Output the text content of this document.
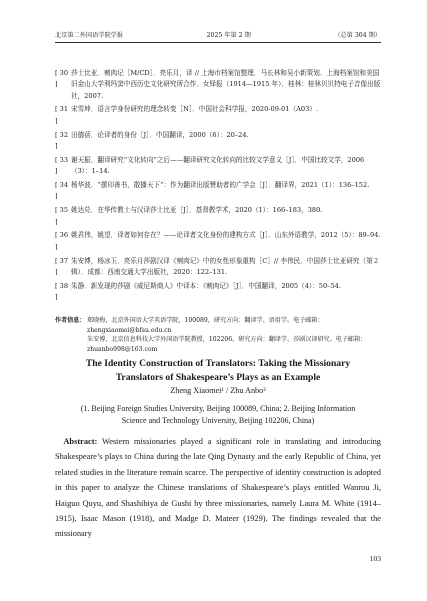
北京第二外国语学院学报	2025 年第 2 期	（总第 304 期）
[ 30 ]
莎士比亚．剜肉记［M/CD］．亮乐月，译 // 上海市档案馆整理．马长林和吴小新策划．上海档案馆和美国旧金山大学利玛窦中西历史文化研究所合作．女铎报（1914—1915 年）．桂林：桂林贝贝特电子音像出版社，2007.
[ 31 ]
宋雪坤．语言学身份研究的理念转变［N］．中国社会科学报，2020-09-01（A03）.
[ 32 ]
田德蓓．论译者的身份［J］．中国翻译，2000（6）：20–24.
[ 33 ]
谢天振．翻译研究“文化转向”之后——翻译研究文化转向的比较文学意义［J］．中国比较文学，2006（3）：1–14.
[ 34 ]
杨华波．“摆印善书，散播天下”：作为翻译出版赞助者的广学会［J］．翻译界，2021（1）：136–152.
[ 35 ]
姚达兑．在华传教士与汉译莎士比亚［J］．基督教学术，2020（1）：166–183，380.
[ 36 ]
姚君伟，姚望．译者如何存在？——论译者文化身份的建构方式［J］．山东外语教学，2012（5）：89–94.
[ 37 ]
朱安博，杨冰玉．亮乐月莎剧汉译《剜肉记》中的女性形象重构［C］// 李伟民．中国莎士比亚研究（第２辑）．成都：西南交通大学出版社，2020：122–131.
[ 38 ]
朱静．新发现的莎剧《威尼斯商人》中译本：《剜肉记》［J］．中国翻译，2005（4）：50–54.
作者信息： 郑晓梅，北京外国语大学英语学院，100089，研究方向：翻译学、语用学。电子邮箱：zhengxiaomei@bfsu.edu.cn
朱安博，北京信息科技大学外国语学院教授，102206，研究方向：翻译学、莎剧汉译研究。电子邮箱：zhuanbo998@163.com
The Identity Construction of Translators: Taking the Missionary
Translators of Shakespeare’s Plays as an Example
Zheng Xiaomei¹ / Zhu Anbo²
(1. Beijing Foreign Studies University, Beijing 100089, China; 2. Beijing Information
Science and Technology University, Beijing 102206, China)
 Abstract: Western missionaries played a significant role in translating and introducing Shakespeare’s plays to China during the late Qing Dynasty and the early Republic of China, yet related studies in the literature remain scarce. The perspective of identity construction is adopted in this paper to analyze the Chinese translations of Shakespeare’s plays entitled Wanrou Ji, Haiguo Quyu, and Shashibiya de Gushi by three missionaries, namely Laura M. White (1914–1915), Isaac Mason (1918), and Madge D. Mateer (1929). The findings revealed that the missionary
103
